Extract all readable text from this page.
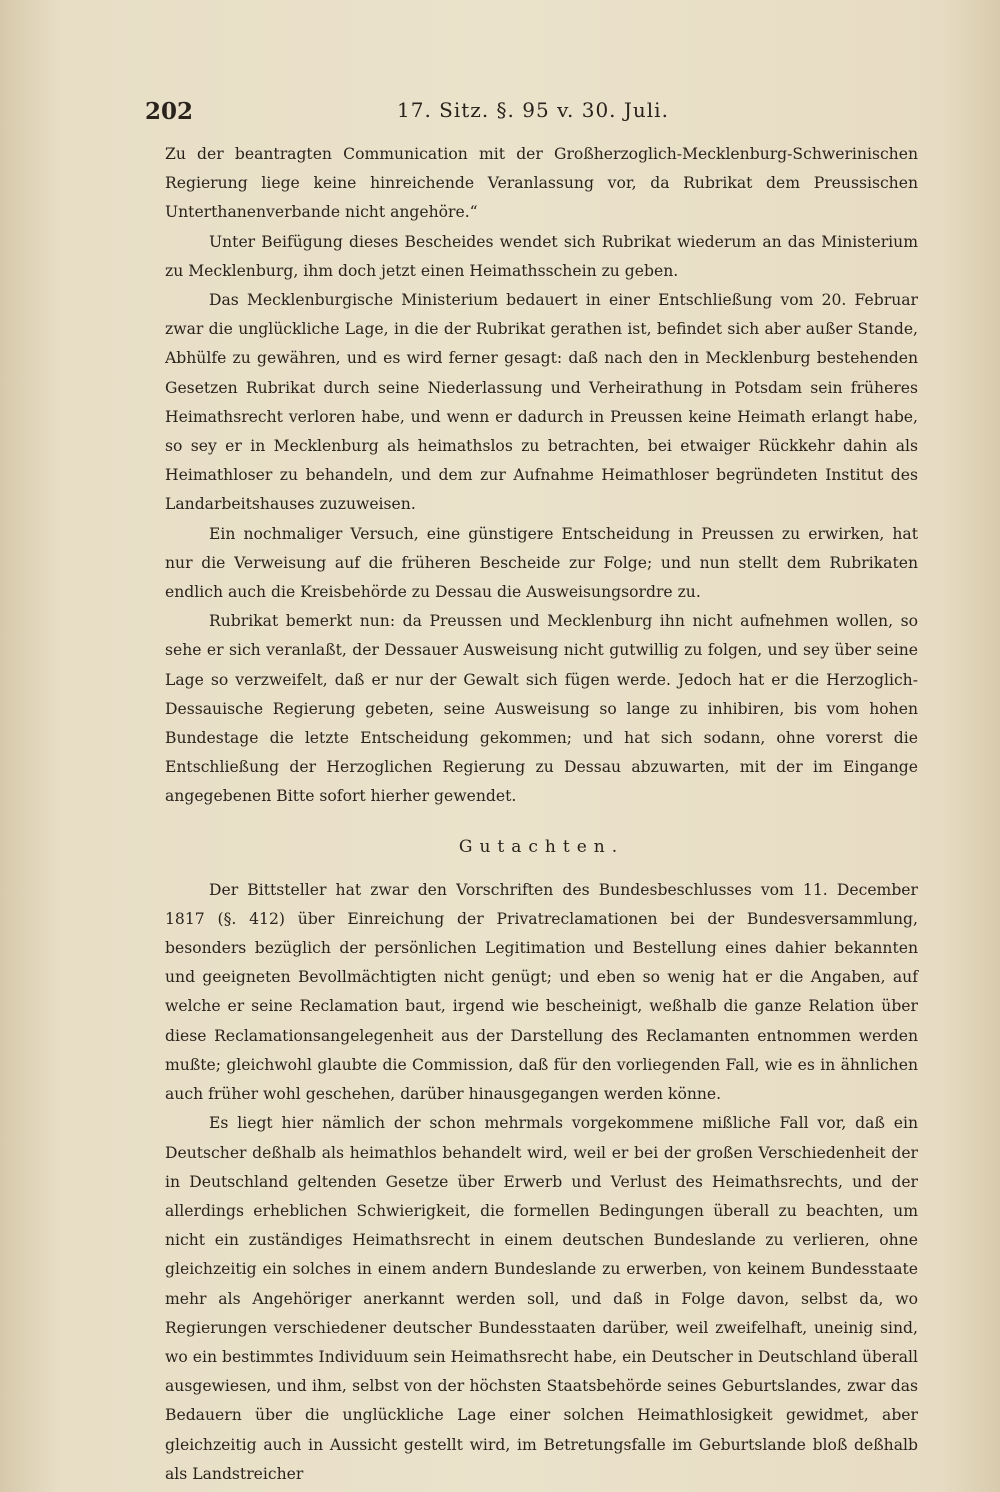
202	17. Sitz. §. 95 v. 30. Juli.

Zu der beantragten Communication mit der Großherzoglich-Mecklenburg-Schwerinischen Regierung liege keine hinreichende Veranlassung vor, da Rubrikat dem Preussischen Unterthanenverbande nicht angehöre.“

Unter Beifügung dieses Bescheides wendet sich Rubrikat wiederum an das Ministerium zu Mecklenburg, ihm doch jetzt einen Heimathsschein zu geben.

Das Mecklenburgische Ministerium bedauert in einer Entschließung vom 20. Februar zwar die unglückliche Lage, in die der Rubrikat gerathen ist, befindet sich aber außer Stande, Abhülfe zu gewähren, und es wird ferner gesagt: daß nach den in Mecklenburg bestehenden Gesetzen Rubrikat durch seine Niederlassung und Verheirathung in Potsdam sein früheres Heimathsrecht verloren habe, und wenn er dadurch in Preussen keine Heimath erlangt habe, so sey er in Mecklenburg als heimathslos zu betrachten, bei etwaiger Rückkehr dahin als Heimathloser zu behandeln, und dem zur Aufnahme Heimathloser begründeten Institut des Landarbeitshauses zuzuweisen.

Ein nochmaliger Versuch, eine günstigere Entscheidung in Preussen zu erwirken, hat nur die Verweisung auf die früheren Bescheide zur Folge; und nun stellt dem Rubrikaten endlich auch die Kreisbehörde zu Dessau die Ausweisungsordre zu.

Rubrikat bemerkt nun: da Preussen und Mecklenburg ihn nicht aufnehmen wollen, so sehe er sich veranlaßt, der Dessauer Ausweisung nicht gutwillig zu folgen, und sey über seine Lage so verzweifelt, daß er nur der Gewalt sich fügen werde. Jedoch hat er die Herzoglich-Dessauische Regierung gebeten, seine Ausweisung so lange zu inhibiren, bis vom hohen Bundestage die letzte Entscheidung gekommen; und hat sich sodann, ohne vorerst die Entschließung der Herzoglichen Regierung zu Dessau abzuwarten, mit der im Eingange angegebenen Bitte sofort hierher gewendet.

Gutachten.

Der Bittsteller hat zwar den Vorschriften des Bundesbeschlusses vom 11. December 1817 (§. 412) über Einreichung der Privatreclamationen bei der Bundesversammlung, besonders bezüglich der persönlichen Legitimation und Bestellung eines dahier bekannten und geeigneten Bevollmächtigten nicht genügt; und eben so wenig hat er die Angaben, auf welche er seine Reclamation baut, irgend wie bescheinigt, weßhalb die ganze Relation über diese Reclamationsangelegenheit aus der Darstellung des Reclamanten entnommen werden mußte; gleichwohl glaubte die Commission, daß für den vorliegenden Fall, wie es in ähnlichen auch früher wohl geschehen, darüber hinausgegangen werden könne.

Es liegt hier nämlich der schon mehrmals vorgekommene mißliche Fall vor, daß ein Deutscher deßhalb als heimathlos behandelt wird, weil er bei der großen Verschiedenheit der in Deutschland geltenden Gesetze über Erwerb und Verlust des Heimathsrechts, und der allerdings erheblichen Schwierigkeit, die formellen Bedingungen überall zu beachten, um nicht ein zuständiges Heimathsrecht in einem deutschen Bundeslande zu verlieren, ohne gleichzeitig ein solches in einem andern Bundeslande zu erwerben, von keinem Bundesstaate mehr als Angehöriger anerkannt werden soll, und daß in Folge davon, selbst da, wo Regierungen verschiedener deutscher Bundesstaaten darüber, weil zweifelhaft, uneinig sind, wo ein bestimmtes Individuum sein Heimathsrecht habe, ein Deutscher in Deutschland überall ausgewiesen, und ihm, selbst von der höchsten Staatsbehörde seines Geburtslandes, zwar das Bedauern über die unglückliche Lage einer solchen Heimathlosigkeit gewidmet, aber gleichzeitig auch in Aussicht gestellt wird, im Betretungsfalle im Geburtslande bloß deßhalb als Landstreicher
